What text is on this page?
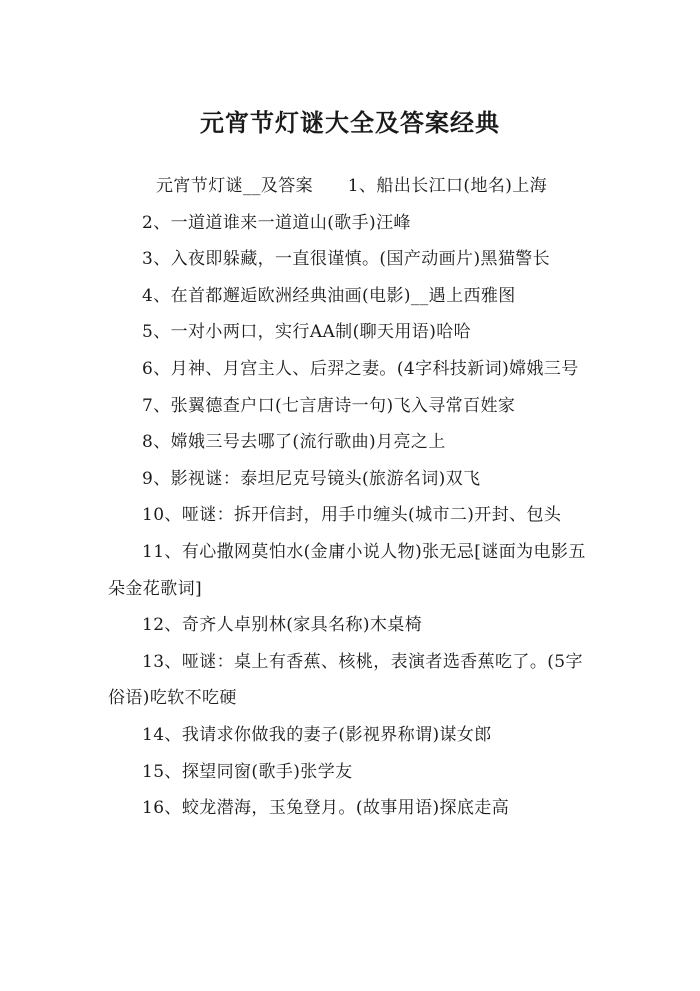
元宵节灯谜大全及答案经典

元宵节灯谜__及答案　　1、船出长江口(地名)上海

2、一道道谁来一道道山(歌手)汪峰

3、入夜即躲藏，一直很谨慎。(国产动画片)黑猫警长

4、在首都邂逅欧洲经典油画(电影)__遇上西雅图

5、一对小两口，实行AA制(聊天用语)哈哈

6、月神、月宫主人、后羿之妻。(4字科技新词)嫦娥三号

7、张翼德查户口(七言唐诗一句)飞入寻常百姓家

8、嫦娥三号去哪了(流行歌曲)月亮之上

9、影视谜：泰坦尼克号镜头(旅游名词)双飞

10、哑谜：拆开信封，用手巾缠头(城市二)开封、包头

11、有心撒网莫怕水(金庸小说人物)张无忌[谜面为电影五朵金花歌词]

12、奇齐人卓别林(家具名称)木桌椅

13、哑谜：桌上有香蕉、核桃，表演者选香蕉吃了。(5字俗语)吃软不吃硬

14、我请求你做我的妻子(影视界称谓)谋女郎

15、探望同窗(歌手)张学友

16、蛟龙潜海，玉兔登月。(故事用语)探底走高
